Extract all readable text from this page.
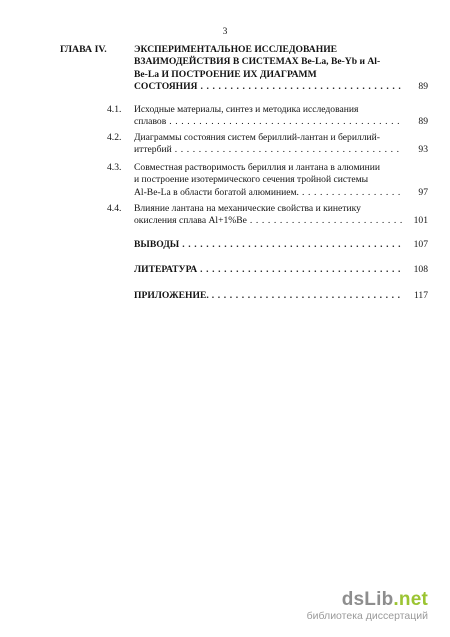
3
ГЛАВА IV.	ЭКСПЕРИМЕНТАЛЬНОЕ ИССЛЕДОВАНИЕ
ВЗАИМОДЕЙСТВИЯ В СИСТЕМАХ Be-La, Be-Yb и Al-
Be-La И ПОСТРОЕНИЕ ИХ ДИАГРАММ
СОСТОЯНИЯ . . .	89
4.1. Исходные материалы, синтез и методика исследования
сплавов . . .	89
4.2. Диаграммы состояния систем бериллий-лантан и бериллий-
иттербий . . .	93
4.3. Совместная растворимость бериллия и лантана в алюминии
и построение изотермического сечения тройной системы
Al-Be-La в области богатой алюминием. . . .	97
4.4. Влияние лантана на механические свойства и кинетику
окисления сплава Al+1%Be . . .	101
ВЫВОДЫ . . .	107
ЛИТЕРАТУРА . . .	108
ПРИЛОЖЕНИЕ. . . .	117
dsLib.net
библиотека диссертаций
